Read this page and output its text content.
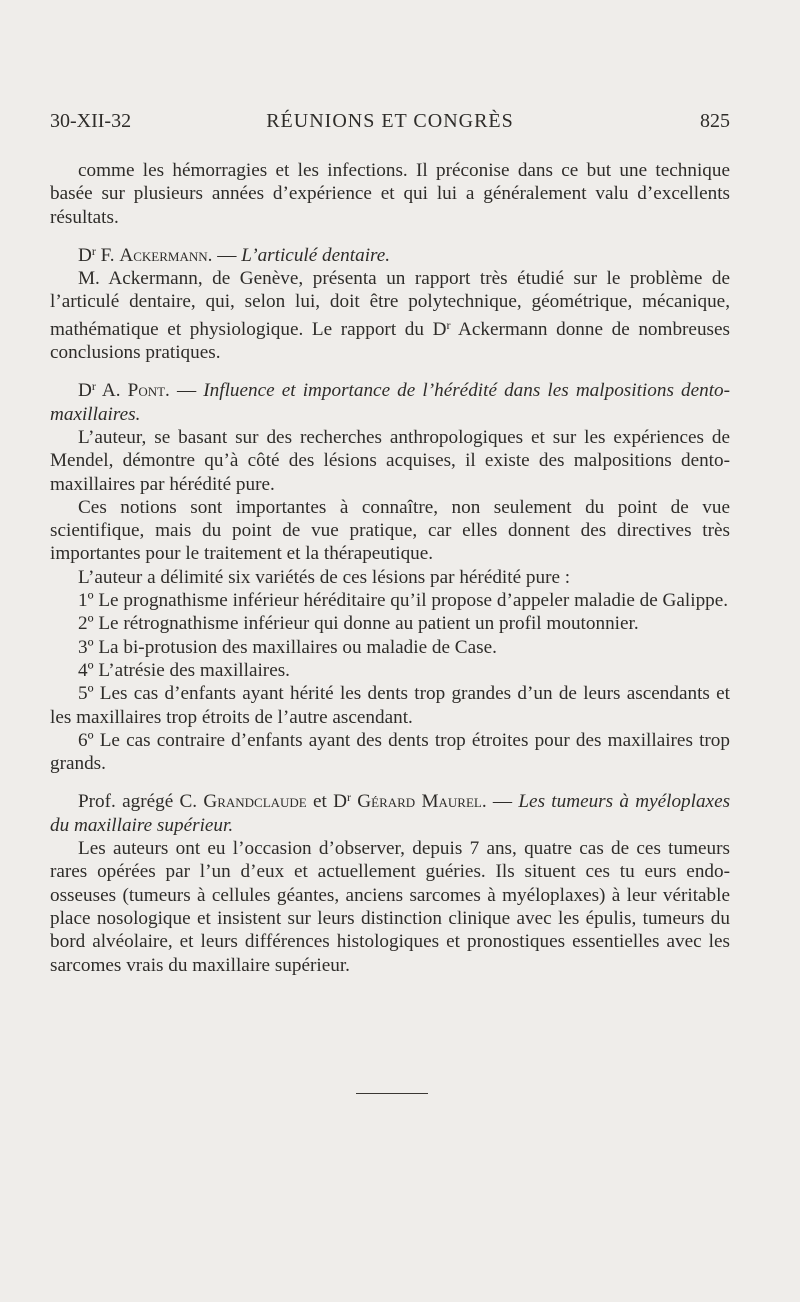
30-XII-32	RÉUNIONS ET CONGRÈS	825

comme les hémorragies et les infections. Il préconise dans ce but une technique basée sur plusieurs années d’expérience et qui lui a généralement valu d’excellents résultats.

$D^r$ F. Ackermann. — L’articulé dentaire.

M. Ackermann, de Genève, présenta un rapport très étudié sur le problème de l’articulé dentaire, qui, selon lui, doit être polytechnique, géométrique, mécanique, mathématique et physiologique. Le rapport du $D^r$ Ackermann donne de nombreuses conclusions pratiques.

$D^r$ A. Pont. — Influence et importance de l’hérédité dans les malpositions dento-maxillaires.

L’auteur, se basant sur des recherches anthropologiques et sur les expériences de Mendel, démontre qu’à côté des lésions acquises, il existe des malpositions dento-maxillaires par hérédité pure.

Ces notions sont importantes à connaître, non seulement du point de vue scientifique, mais du point de vue pratique, car elles donnent des directives très importantes pour le traitement et la thérapeutique.

L’auteur a délimité six variétés de ces lésions par hérédité pure :

1º Le prognathisme inférieur héréditaire qu’il propose d’appeler maladie de Galippe.

2º Le rétrognathisme inférieur qui donne au patient un profil moutonnier.

3º La bi-protusion des maxillaires ou maladie de Case.

4º L’atrésie des maxillaires.

5º Les cas d’enfants ayant hérité les dents trop grandes d’un de leurs ascendants et les maxillaires trop étroits de l’autre ascendant.

6º Le cas contraire d’enfants ayant des dents trop étroites pour des maxillaires trop grands.

Prof. agrégé C. Grandclaude et $D^r$ Gérard Maurel. — Les tumeurs à myéloplaxes du maxillaire supérieur.

Les auteurs ont eu l’occasion d’observer, depuis 7 ans, quatre cas de ces tumeurs rares opérées par l’un d’eux et actuellement guéries. Ils situent ces tu eurs endo-osseuses (tumeurs à cellules géantes, anciens sarcomes à myéloplaxes) à leur véritable place nosologique et insistent sur leurs distinction clinique avec les épulis, tumeurs du bord alvéolaire, et leurs différences histologiques et pronostiques essentielles avec les sarcomes vrais du maxillaire supérieur.
